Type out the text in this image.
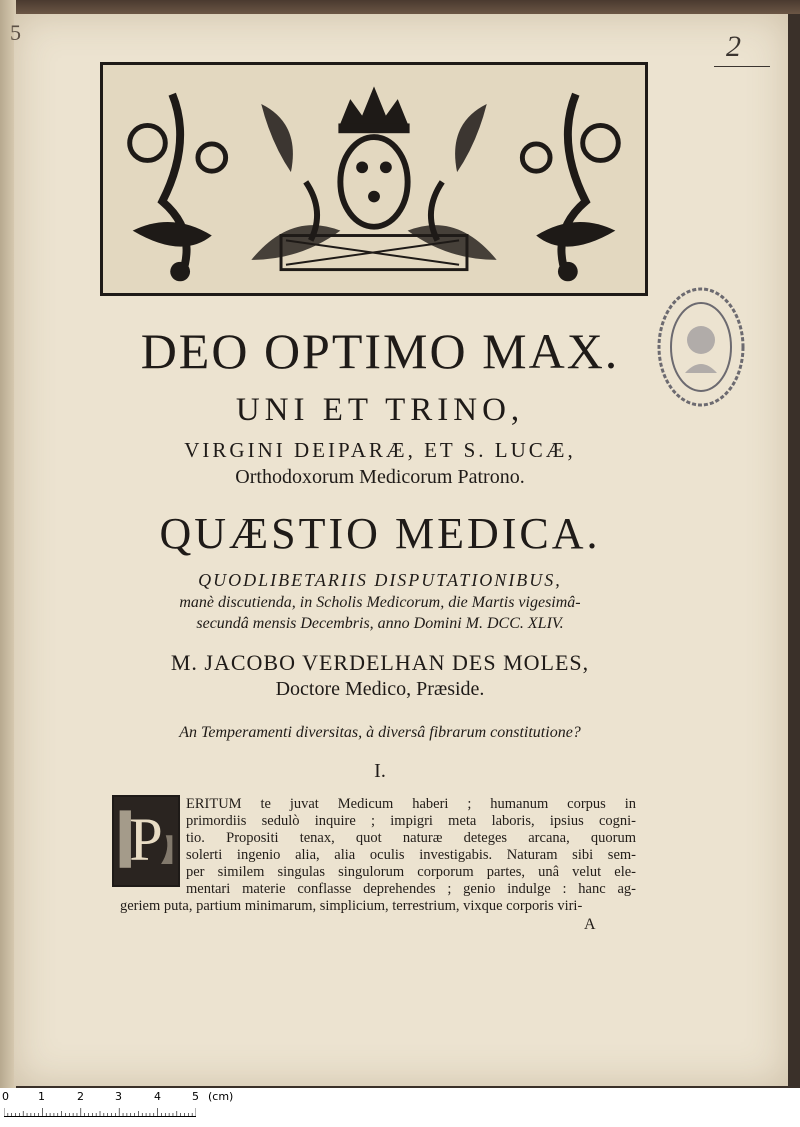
5	2
DEO OPTIMO MAX.
UNI ET TRINO,
VIRGINI DEIPARÆ, ET S. LUCÆ,
Orthodoxorum Medicorum Patrono.
QUÆSTIO MEDICA.
QUODLIBETARIIS DISPUTATIONIBUS,
manè discutienda, in Scholis Medicorum, die Martis vigesimâ-
secundâ mensis Decembris, anno Domini M. DCC. XLIV.
M. JACOBO VERDELHAN DES MOLES,
Doctore Medico, Præside.
An Temperamenti diversitas, à diversâ fibrarum constitutione?
I.
P
ERITUM te juvat Medicum haberi ; humanum corpus in
primordiis sedulò inquire ; impigri meta laboris, ipsius cogni-
tio. Propositi tenax, quot naturæ deteges arcana, quorum
solerti ingenio alia, alia oculis investigabis. Naturam sibi sem-
per similem singulas singulorum corporum partes, unâ velut ele-
mentari materie conflasse deprehendes ; genio indulge : hanc ag-
geriem puta, partium minimarum, simplicium, terrestrium, vixque corporis viri-
A
0	1	2	3	4	5 (cm)
